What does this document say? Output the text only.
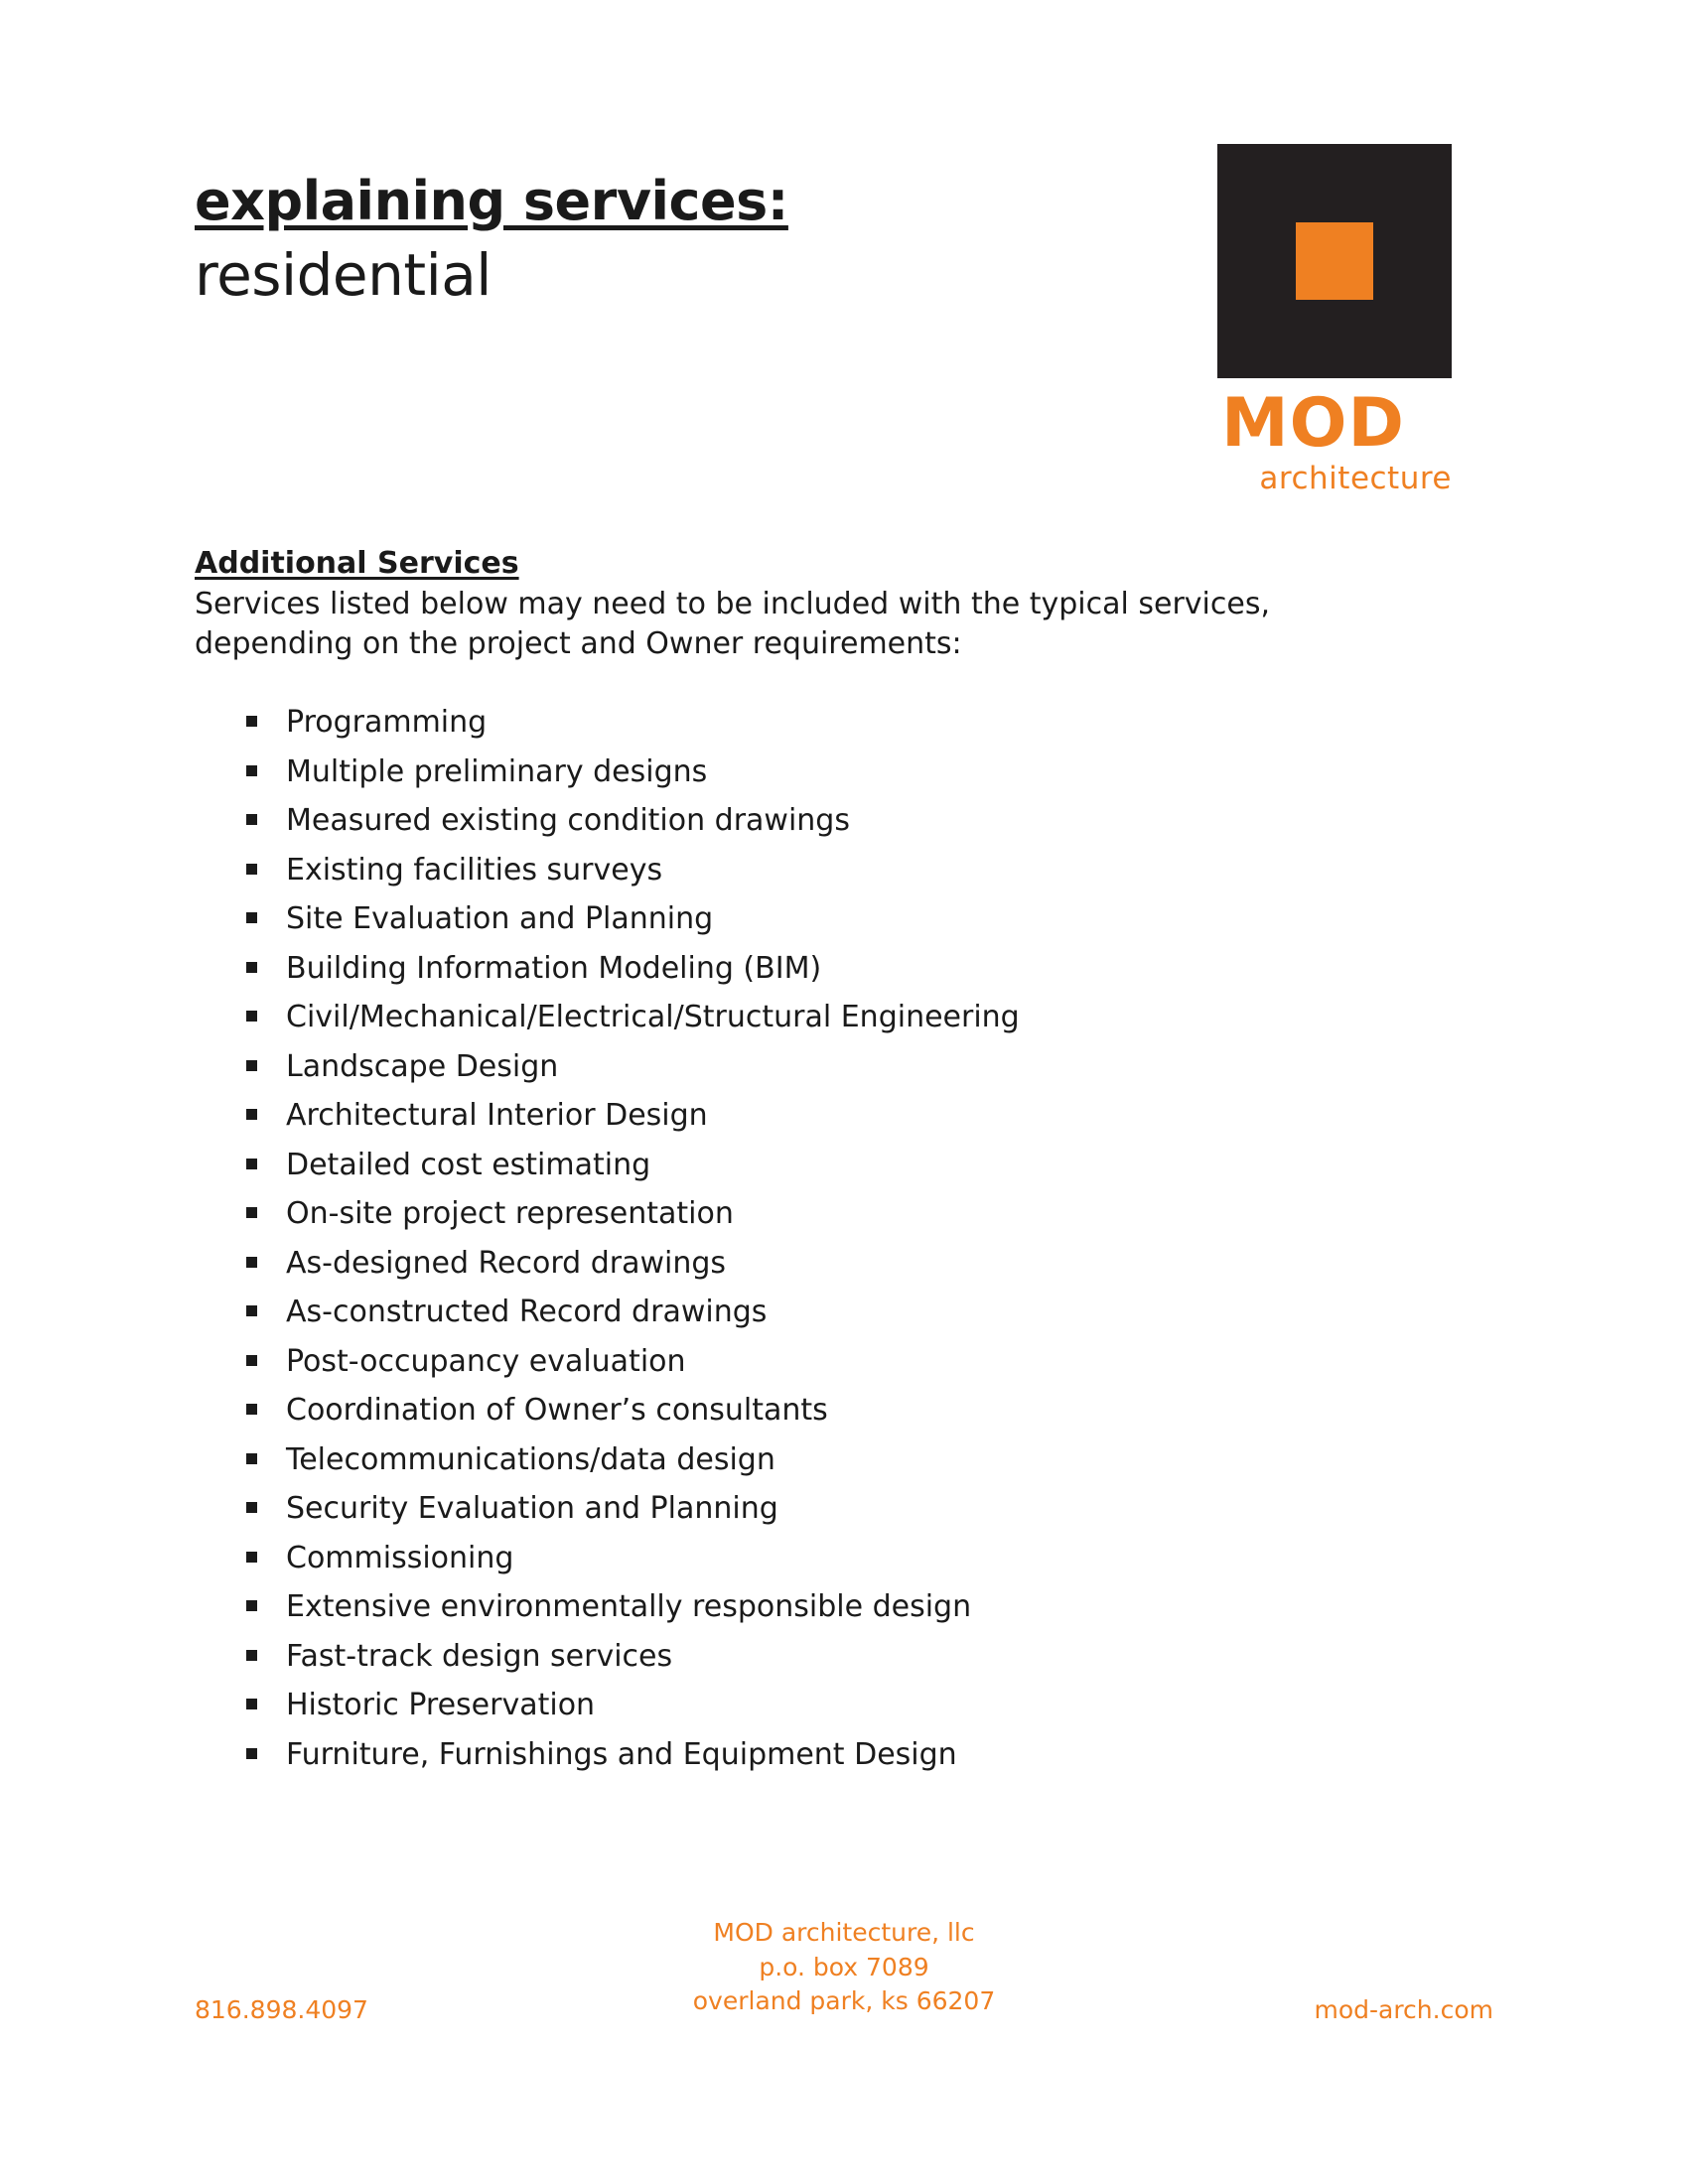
explaining services:
residential
MOD
architecture
Additional Services

Services listed below may need to be included with the typical services, depending on the project and Owner requirements:

Programming
Multiple preliminary designs
Measured existing condition drawings
Existing facilities surveys
Site Evaluation and Planning
Building Information Modeling (BIM)
Civil/Mechanical/Electrical/Structural Engineering
Landscape Design
Architectural Interior Design
Detailed cost estimating
On-site project representation
As-designed Record drawings
As-constructed Record drawings
Post-occupancy evaluation
Coordination of Owner’s consultants
Telecommunications/data design
Security Evaluation and Planning
Commissioning
Extensive environmentally responsible design
Fast-track design services
Historic Preservation
Furniture, Furnishings and Equipment Design
MOD architecture, llc
p.o. box 7089
overland park, ks 66207
816.898.4097	mod-arch.com
